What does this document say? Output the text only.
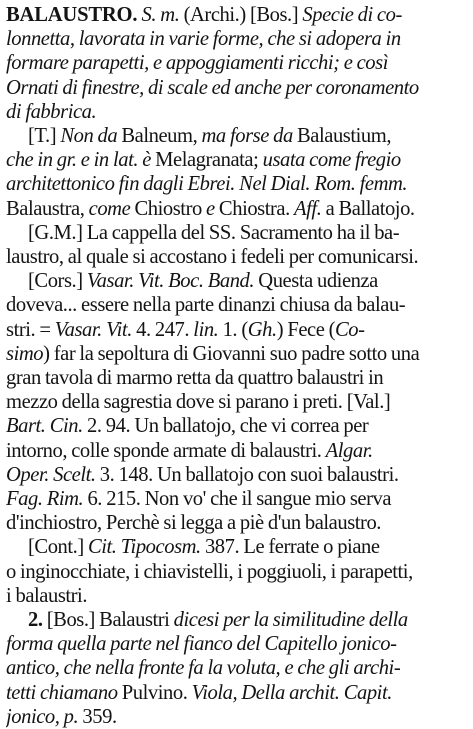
BALAUSTRO. S. m. (Archi.) [Bos.] Specie di co-
lonnetta, lavorata in varie forme, che si adopera in
formare parapetti, e appoggiamenti ricchi; e così
Ornati di finestre, di scale ed anche per coronamento
di fabbrica.

[T.] Non da Balneum, ma forse da Balaustium,
che in gr. e in lat. è Melagranata; usata come fregio
architettonico fin dagli Ebrei. Nel Dial. Rom. femm.
Balaustra, come Chiostro e Chiostra. Aff. a Ballatojo.

[G.M.] La cappella del SS. Sacramento ha il ba-
laustro, al quale si accostano i fedeli per comunicarsi.

[Cors.] Vasar. Vit. Boc. Band. Questa udienza
doveva... essere nella parte dinanzi chiusa da balau-
stri. = Vasar. Vit. 4. 247. lin. 1. (Gh.) Fece (Co-
simo) far la sepoltura di Giovanni suo padre sotto una
gran tavola di marmo retta da quattro balaustri in
mezzo della sagrestia dove si parano i preti. [Val.]
Bart. Cin. 2. 94. Un ballatojo, che vi correa per
intorno, colle sponde armate di balaustri. Algar.
Oper. Scelt. 3. 148. Un ballatojo con suoi balaustri.
Fag. Rim. 6. 215. Non vo' che il sangue mio serva
d'inchiostro, Perchè si legga a piè d'un balaustro.

[Cont.] Cit. Tipocosm. 387. Le ferrate o piane
o inginocchiate, i chiavistelli, i poggiuoli, i parapetti,
i balaustri.

2. [Bos.] Balaustri dicesi per la similitudine della
forma quella parte nel fianco del Capitello jonico-
antico, che nella fronte fa la voluta, e che gli archi-
tetti chiamano Pulvino. Viola, Della archit. Capit.
jonico, p. 359.
